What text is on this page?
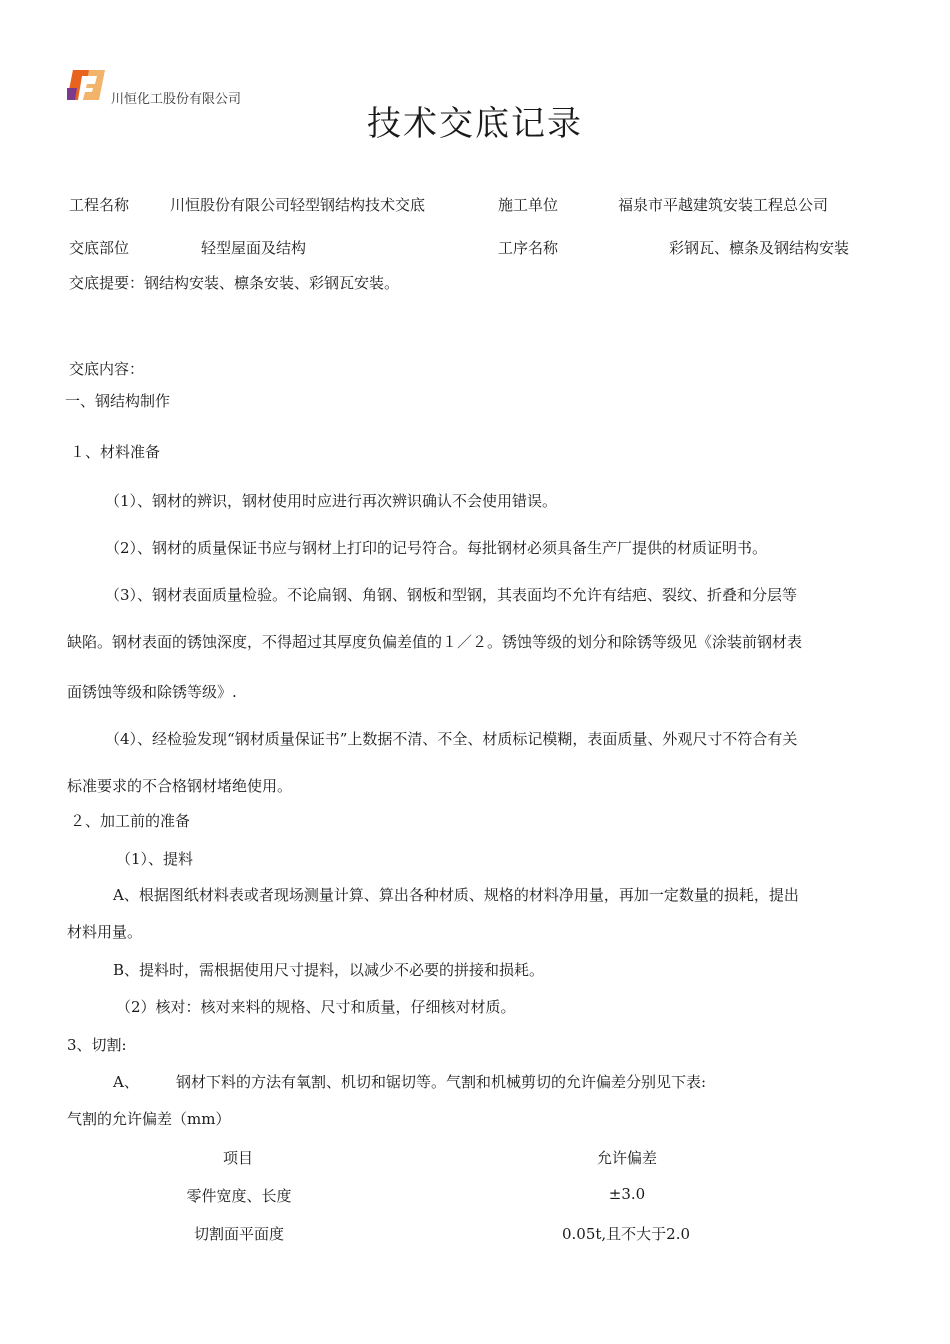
川恒化工股份有限公司
技术交底记录
工程名称	川恒股份有限公司轻型钢结构技术交底	施工单位	福泉市平越建筑安装工程总公司
交底部位	轻型屋面及结构	工序名称	彩钢瓦、檩条及钢结构安装
交底提要：钢结构安装、檩条安装、彩钢瓦安装。
交底内容：
一、钢结构制作
１、材料准备
（1）、钢材的辨识，钢材使用时应进行再次辨识确认不会使用错误。
（2）、钢材的质量保证书应与钢材上打印的记号符合。每批钢材必须具备生产厂提供的材质证明书。
（3）、钢材表面质量检验。不论扁钢、角钢、钢板和型钢，其表面均不允许有结疤、裂纹、折叠和分层等
缺陷。钢材表面的锈蚀深度，不得超过其厚度负偏差值的１／２。锈蚀等级的划分和除锈等级见《涂装前钢材表
面锈蚀等级和除锈等级》.
（4）、经检验发现“钢材质量保证书”上数据不清、不全、材质标记模糊，表面质量、外观尺寸不符合有关
标准要求的不合格钢材堵绝使用。
２、加工前的准备
（1）、提料
A、根据图纸材料表或者现场测量计算、算出各种材质、规格的材料净用量，再加一定数量的损耗，提出
材料用量。
B、提料时，需根据使用尺寸提料，以减少不必要的拼接和损耗。
（2）核对：核对来料的规格、尺寸和质量，仔细核对材质。
3、切割:
A、 钢材下料的方法有氧割、机切和锯切等。气割和机械剪切的允许偏差分别见下表:
气割的允许偏差（mm）
项目	允许偏差
零件宽度、长度	±3.0
切割面平面度	0.05t,且不大于2.0
